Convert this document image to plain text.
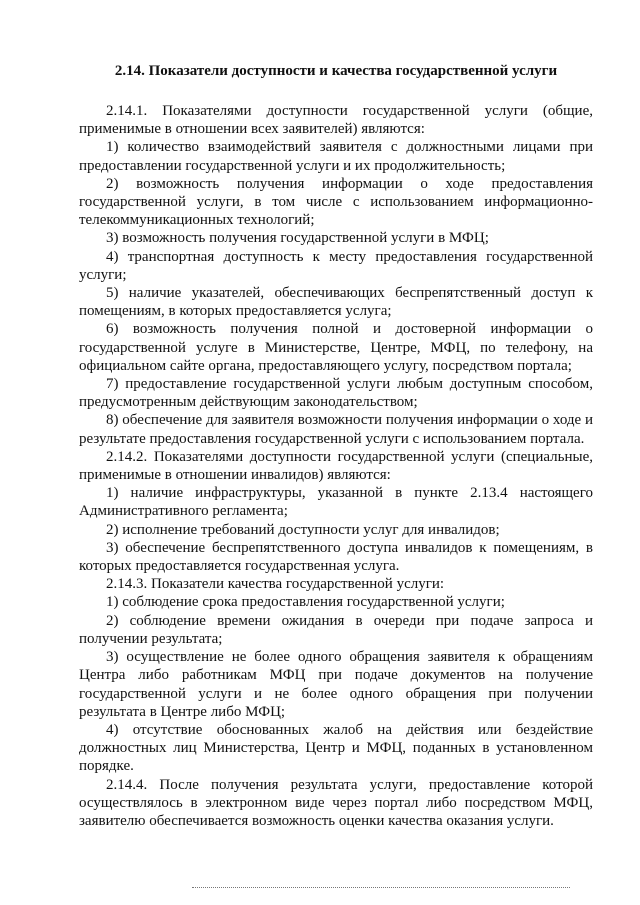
2.14. Показатели доступности и качества государственной услуги

2.14.1. Показателями доступности государственной услуги (общие, применимые в отношении всех заявителей) являются:

1) количество взаимодействий заявителя с должностными лицами при предоставлении государственной услуги и их продолжительность;

2) возможность получения информации о ходе предоставления государственной услуги, в том числе с использованием информационно-телекоммуникационных технологий;

3) возможность получения государственной услуги в МФЦ;

4) транспортная доступность к месту предоставления государственной услуги;

5) наличие указателей, обеспечивающих беспрепятственный доступ к помещениям, в которых предоставляется услуга;

6) возможность получения полной и достоверной информации о государственной услуге в Министерстве, Центре, МФЦ, по телефону, на официальном сайте органа, предоставляющего услугу, посредством портала;

7) предоставление государственной услуги любым доступным способом, предусмотренным действующим законодательством;

8) обеспечение для заявителя возможности получения информации о ходе и результате предоставления государственной услуги с использованием портала.

2.14.2. Показателями доступности государственной услуги (специальные, применимые в отношении инвалидов) являются:

1) наличие инфраструктуры, указанной в пункте 2.13.4 настоящего Административного регламента;

2) исполнение требований доступности услуг для инвалидов;

3) обеспечение беспрепятственного доступа инвалидов к помещениям, в которых предоставляется государственная услуга.

2.14.3. Показатели качества государственной услуги:

1) соблюдение срока предоставления государственной услуги;

2) соблюдение времени ожидания в очереди при подаче запроса и получении результата;

3) осуществление не более одного обращения заявителя к обращениям Центра либо работникам МФЦ при подаче документов на получение государственной услуги и не более одного обращения при получении результата в Центре либо МФЦ;

4) отсутствие обоснованных жалоб на действия или бездействие должностных лиц Министерства, Центр и МФЦ, поданных в установленном порядке.

2.14.4. После получения результата услуги, предоставление которой осуществлялось в электронном виде через портал либо посредством МФЦ, заявителю обеспечивается возможность оценки качества оказания услуги.
